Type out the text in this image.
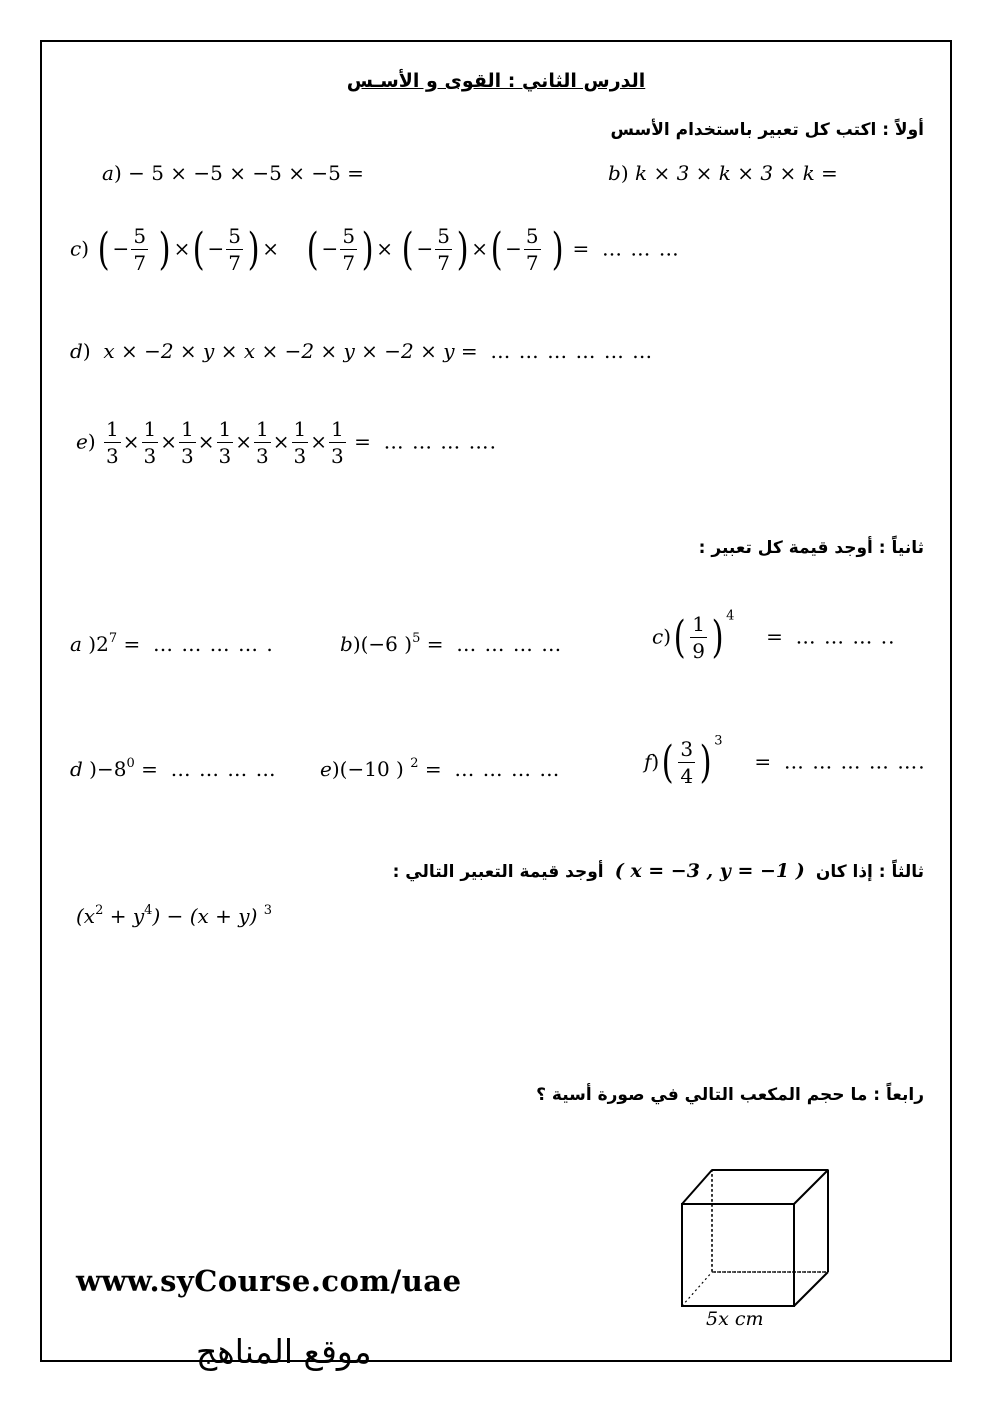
الدرس الثاني : القوى و الأسـس
أولاً : اكتب كل تعبير باستخدام الأسس
a) − 5 × −5 × −5 × −5 =	b) k × 3 × k × 3 × k =
c) ( − $\frac{5}{7}$ ) ×( − $\frac{5}{7}$ ) ×    ( − $\frac{5}{7}$ ) × ( − $\frac{5}{7}$ ) ×( − $\frac{5}{7}$ ) =  … … …
d)  x × −2 × y × x × −2 × y × −2 × y = … … … … … …
$e) \frac{1}{3} \times \frac{1}{3} \times \frac{1}{3} \times \frac{1}{3} \times \frac{1}{3} \times \frac{1}{3} \times \frac{1}{3}$ =  … … … ….
ثانياً : أوجد قيمة كل تعبير :
a )$2^7$ =  … … … … .	b)(−6 )$^5$ =  … … … …	$c)( \frac{1}{9}$ ) $^4$     =  … … … ..
d )$-8^0$ =  … … … … e)(−10 ) $^2$ =  … … … …	$f)( \frac{3}{4}$ ) $^3$     =  … … … … ….
ثالثاً : إذا كان ( x = −3 , y = −1 ) أوجد قيمة التعبير التالي :
$(x^2 + y^4) - (x + y)$ $^3$
رابعاً : ما حجم المكعب التالي في صورة أسية ؟
5x cm
www.syCourse.com/uae
موقع المناهج
